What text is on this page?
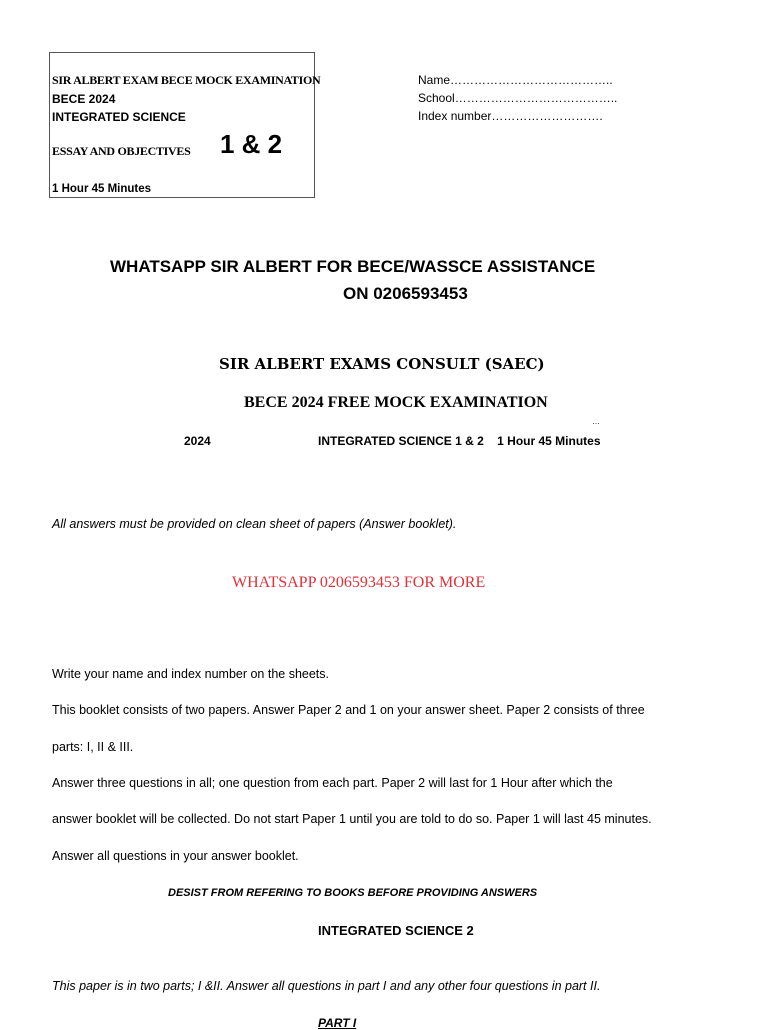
SIR ALBERT EXAM BECE MOCK EXAMINATION
BECE 2024
INTEGRATED SCIENCE
ESSAY AND OBJECTIVES 1 & 2
1 Hour 45 Minutes
Name…………………………………..
School…………………………………..
Index number……………………….
WHATSAPP SIR ALBERT FOR BECE/WASSCE ASSISTANCE
ON 0206593453
SIR ALBERT EXAMS CONSULT (SAEC)
BECE 2024 FREE MOCK EXAMINATION
…
2024	INTEGRATED SCIENCE 1 & 2    1 Hour 45 Minutes
All answers must be provided on clean sheet of papers (Answer booklet).
WHATSAPP 0206593453 FOR MORE
Write your name and index number on the sheets.
This booklet consists of two papers. Answer Paper 2 and 1 on your answer sheet. Paper 2 consists of three
parts: I, II & III.
Answer three questions in all; one question from each part. Paper 2 will last for 1 Hour after which the
answer booklet will be collected. Do not start Paper 1 until you are told to do so. Paper 1 will last 45 minutes.
Answer all questions in your answer booklet.
DESIST FROM REFERING TO BOOKS BEFORE PROVIDING ANSWERS
INTEGRATED SCIENCE 2
This paper is in two parts; I &II. Answer all questions in part I and any other four questions in part II.
PART I
